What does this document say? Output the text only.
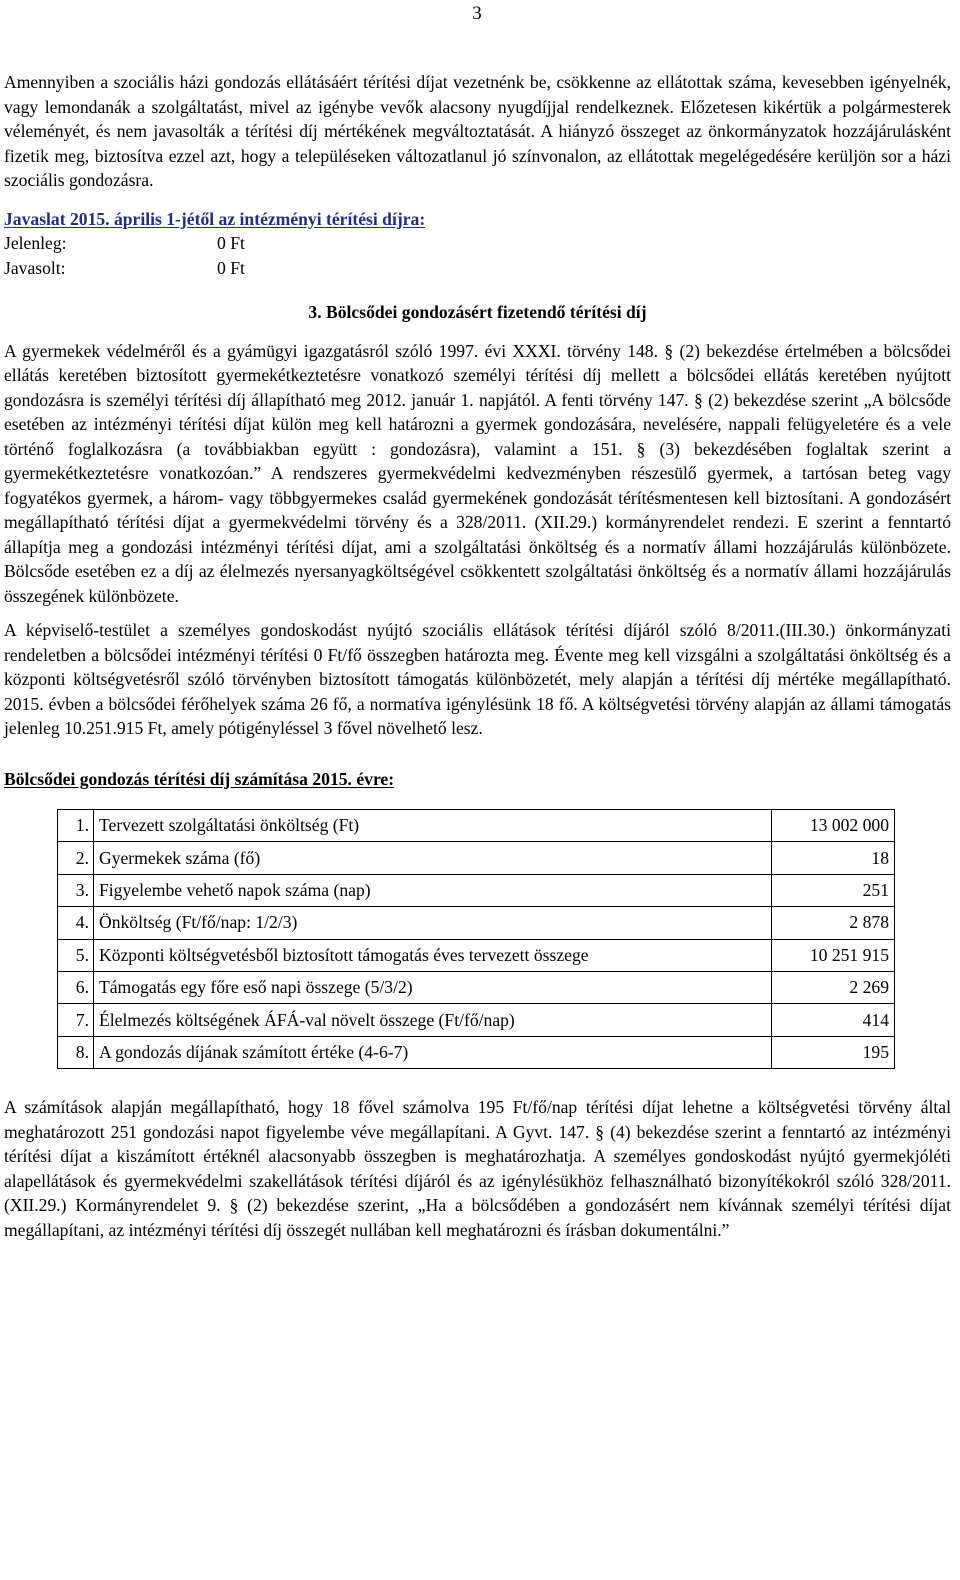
3

Amennyiben a szociális házi gondozás ellátásáért térítési díjat vezetnénk be, csökkenne az ellátottak száma, kevesebben igényelnék, vagy lemondanák a szolgáltatást, mivel az igénybe vevők alacsony nyugdíjjal rendelkeznek. Előzetesen kikértük a polgármesterek véleményét, és nem javasolták a térítési díj mértékének megváltoztatását. A hiányzó összeget az önkormányzatok hozzájárulásként fizetik meg, biztosítva ezzel azt, hogy a településeken változatlanul jó színvonalon, az ellátottak megelégedésére kerüljön sor a házi szociális gondozásra.

Javaslat 2015. április 1-jétől az intézményi térítési díjra:

Jelenleg:	0 Ft
Javasolt:	0 Ft

3. Bölcsődei gondozásért fizetendő térítési díj

A gyermekek védelméről és a gyámügyi igazgatásról szóló 1997. évi XXXI. törvény 148. § (2) bekezdése értelmében a bölcsődei ellátás keretében biztosított gyermekétkeztetésre vonatkozó személyi térítési díj mellett a bölcsődei ellátás keretében nyújtott gondozásra is személyi térítési díj állapítható meg 2012. január 1. napjától. A fenti törvény 147. § (2) bekezdése szerint „A bölcsőde esetében az intézményi térítési díjat külön meg kell határozni a gyermek gondozására, nevelésére, nappali felügyeletére és a vele történő foglalkozásra (a továbbiakban együtt : gondozásra), valamint a 151. § (3) bekezdésében foglaltak szerint a gyermekétkeztetésre vonatkozóan.” A rendszeres gyermekvédelmi kedvezményben részesülő gyermek, a tartósan beteg vagy fogyatékos gyermek, a három- vagy többgyermekes család gyermekének gondozását térítésmentesen kell biztosítani. A gondozásért megállapítható térítési díjat a gyermekvédelmi törvény és a 328/2011. (XII.29.) kormányrendelet rendezi. E szerint a fenntartó állapítja meg a gondozási intézményi térítési díjat, ami a szolgáltatási önköltség és a normatív állami hozzájárulás különbözete. Bölcsőde esetében ez a díj az élelmezés nyersanyagköltségével csökkentett szolgáltatási önköltség és a normatív állami hozzájárulás összegének különbözete.

A képviselő-testület a személyes gondoskodást nyújtó szociális ellátások térítési díjáról szóló 8/2011.(III.30.) önkormányzati rendeletben a bölcsődei intézményi térítési 0 Ft/fő összegben határozta meg. Évente meg kell vizsgálni a szolgáltatási önköltség és a központi költségvetésről szóló törvényben biztosított támogatás különbözetét, mely alapján a térítési díj mértéke megállapítható. 2015. évben a bölcsődei férőhelyek száma 26 fő, a normatíva igénylésünk 18 fő. A költségvetési törvény alapján az állami támogatás jelenleg 10.251.915 Ft, amely pótigényléssel 3 fővel növelhető lesz.

Bölcsődei gondozás térítési díj számítása 2015. évre:

1.	Tervezett szolgáltatási önköltség (Ft)	13 002 000
2.	Gyermekek száma (fő)	18
3.	Figyelembe vehető napok száma (nap)	251
4.	Önköltség (Ft/fő/nap: 1/2/3)	2 878
5.	Központi költségvetésből biztosított támogatás éves tervezett összege	10 251 915
6.	Támogatás egy főre eső napi összege (5/3/2)	2 269
7.	Élelmezés költségének ÁFÁ-val növelt összege (Ft/fő/nap)	414
8.	A gondozás díjának számított értéke (4-6-7)	195

A számítások alapján megállapítható, hogy 18 fővel számolva 195 Ft/fő/nap térítési díjat lehetne a költségvetési törvény által meghatározott 251 gondozási napot figyelembe véve megállapítani. A Gyvt. 147. § (4) bekezdése szerint a fenntartó az intézményi térítési díjat a kiszámított értéknél alacsonyabb összegben is meghatározhatja. A személyes gondoskodást nyújtó gyermekjóléti alapellátások és gyermekvédelmi szakellátások térítési díjáról és az igénylésükhöz felhasználható bizonyítékokról szóló 328/2011.(XII.29.) Kormányrendelet 9. § (2) bekezdése szerint, „Ha a bölcsődében a gondozásért nem kívánnak személyi térítési díjat megállapítani, az intézményi térítési díj összegét nullában kell meghatározni és írásban dokumentálni.”
